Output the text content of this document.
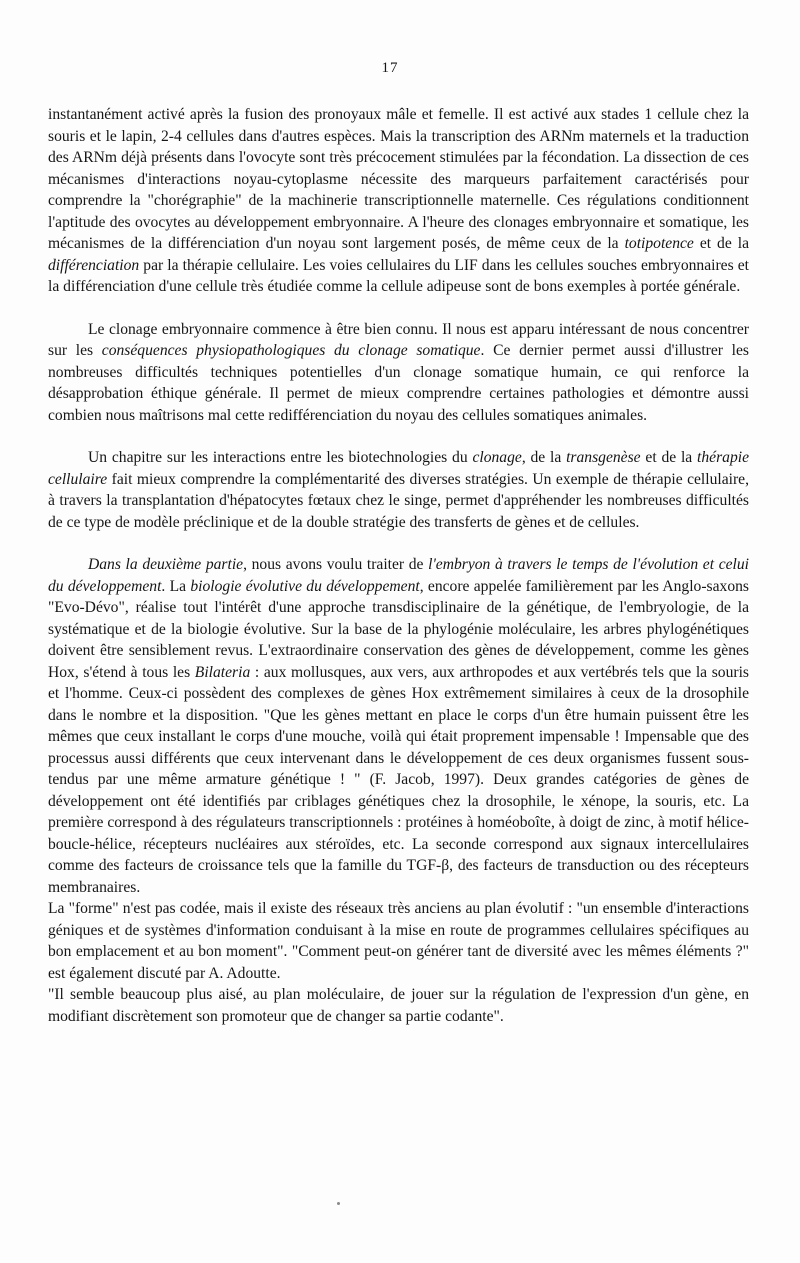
17

instantanément activé après la fusion des pronoyaux mâle et femelle. Il est activé aux stades 1 cellule chez la souris et le lapin, 2-4 cellules dans d'autres espèces. Mais la transcription des ARNm maternels et la traduction des ARNm déjà présents dans l'ovocyte sont très précocement stimulées par la fécondation. La dissection de ces mécanismes d'interactions noyau-cytoplasme nécessite des marqueurs parfaitement caractérisés pour comprendre la "chorégraphie" de la machinerie transcriptionnelle maternelle. Ces régulations conditionnent l'aptitude des ovocytes au développement embryonnaire. A l'heure des clonages embryonnaire et somatique, les mécanismes de la différenciation d'un noyau sont largement posés, de même ceux de la totipotence et de la différenciation par la thérapie cellulaire. Les voies cellulaires du LIF dans les cellules souches embryonnaires et la différenciation d'une cellule très étudiée comme la cellule adipeuse sont de bons exemples à portée générale.

Le clonage embryonnaire commence à être bien connu. Il nous est apparu intéressant de nous concentrer sur les conséquences physiopathologiques du clonage somatique. Ce dernier permet aussi d'illustrer les nombreuses difficultés techniques potentielles d'un clonage somatique humain, ce qui renforce la désapprobation éthique générale. Il permet de mieux comprendre certaines pathologies et démontre aussi combien nous maîtrisons mal cette redifférenciation du noyau des cellules somatiques animales.

Un chapitre sur les interactions entre les biotechnologies du clonage, de la transgenèse et de la thérapie cellulaire fait mieux comprendre la complémentarité des diverses stratégies. Un exemple de thérapie cellulaire, à travers la transplantation d'hépatocytes fœtaux chez le singe, permet d'appréhender les nombreuses difficultés de ce type de modèle préclinique et de la double stratégie des transferts de gènes et de cellules.

Dans la deuxième partie, nous avons voulu traiter de l'embryon à travers le temps de l'évolution et celui du développement. La biologie évolutive du développement, encore appelée familièrement par les Anglo-saxons "Evo-Dévo", réalise tout l'intérêt d'une approche transdisciplinaire de la génétique, de l'embryologie, de la systématique et de la biologie évolutive. Sur la base de la phylogénie moléculaire, les arbres phylogénétiques doivent être sensiblement revus. L'extraordinaire conservation des gènes de développement, comme les gènes Hox, s'étend à tous les Bilateria : aux mollusques, aux vers, aux arthropodes et aux vertébrés tels que la souris et l'homme. Ceux-ci possèdent des complexes de gènes Hox extrêmement similaires à ceux de la drosophile dans le nombre et la disposition. "Que les gènes mettant en place le corps d'un être humain puissent être les mêmes que ceux installant le corps d'une mouche, voilà qui était proprement impensable ! Impensable que des processus aussi différents que ceux intervenant dans le développement de ces deux organismes fussent sous-tendus par une même armature génétique ! " (F. Jacob, 1997). Deux grandes catégories de gènes de développement ont été identifiés par criblages génétiques chez la drosophile, le xénope, la souris, etc. La première correspond à des régulateurs transcriptionnels : protéines à homéoboîte, à doigt de zinc, à motif hélice-boucle-hélice, récepteurs nucléaires aux stéroïdes, etc. La seconde correspond aux signaux intercellulaires comme des facteurs de croissance tels que la famille du TGF-β, des facteurs de transduction ou des récepteurs membranaires.

La "forme" n'est pas codée, mais il existe des réseaux très anciens au plan évolutif : "un ensemble d'interactions géniques et de systèmes d'information conduisant à la mise en route de programmes cellulaires spécifiques au bon emplacement et au bon moment". "Comment peut-on générer tant de diversité avec les mêmes éléments ?" est également discuté par A. Adoutte.

"Il semble beaucoup plus aisé, au plan moléculaire, de jouer sur la régulation de l'expression d'un gène, en modifiant discrètement son promoteur que de changer sa partie codante".
